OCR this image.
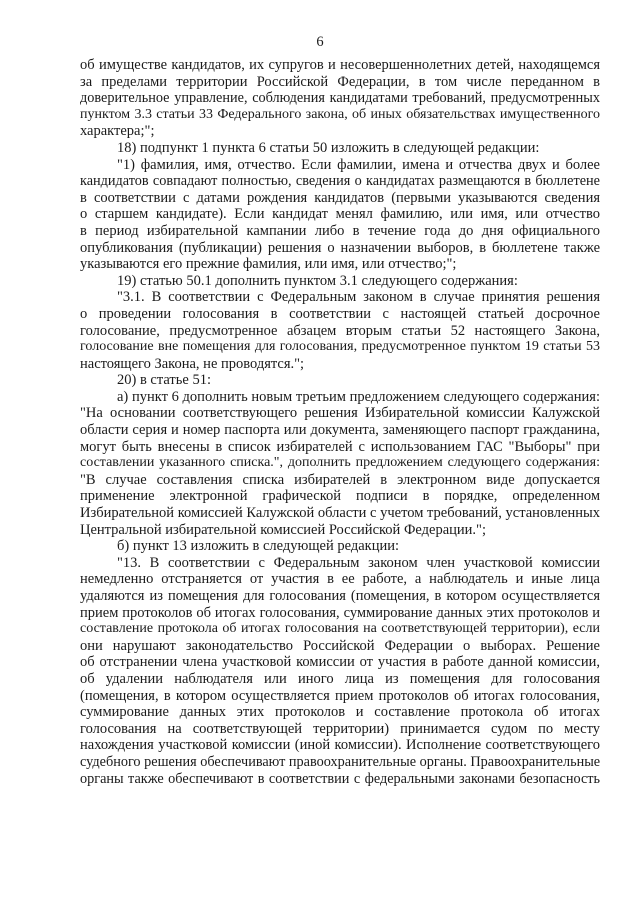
6
об имуществе кандидатов, их супругов и несовершеннолетних детей, находящемся
за пределами территории Российской Федерации, в том числе переданном в
доверительное управление, соблюдения кандидатами требований, предусмотренных
пунктом 3.3 статьи 33 Федерального закона, об иных обязательствах имущественного
характера;";
18) подпункт 1 пункта 6 статьи 50 изложить в следующей редакции:
"1) фамилия, имя, отчество. Если фамилии, имена и отчества двух и более
кандидатов совпадают полностью, сведения о кандидатах размещаются в бюллетене
в соответствии с датами рождения кандидатов (первыми указываются сведения
о старшем кандидате). Если кандидат менял фамилию, или имя, или отчество
в период избирательной кампании либо в течение года до дня официального
опубликования (публикации) решения о назначении выборов, в бюллетене также
указываются его прежние фамилия, или имя, или отчество;";
19) статью 50.1 дополнить пунктом 3.1 следующего содержания:
"3.1. В соответствии с Федеральным законом в случае принятия решения
о проведении голосования в соответствии с настоящей статьей досрочное
голосование, предусмотренное абзацем вторым статьи 52 настоящего Закона,
голосование вне помещения для голосования, предусмотренное пунктом 19 статьи 53
настоящего Закона, не проводятся.";
20) в статье 51:
а) пункт 6 дополнить новым третьим предложением следующего содержания:
"На основании соответствующего решения Избирательной комиссии Калужской
области серия и номер паспорта или документа, заменяющего паспорт гражданина,
могут быть внесены в список избирателей с использованием ГАС "Выборы" при
составлении указанного списка.", дополнить предложением следующего содержания:
"В случае составления списка избирателей в электронном виде допускается
применение электронной графической подписи в порядке, определенном
Избирательной комиссией Калужской области с учетом требований, установленных
Центральной избирательной комиссией Российской Федерации.";
б) пункт 13 изложить в следующей редакции:
"13. В соответствии с Федеральным законом член участковой комиссии
немедленно отстраняется от участия в ее работе, а наблюдатель и иные лица
удаляются из помещения для голосования (помещения, в котором осуществляется
прием протоколов об итогах голосования, суммирование данных этих протоколов и
составление протокола об итогах голосования на соответствующей территории), если
они нарушают законодательство Российской Федерации о выборах. Решение
об отстранении члена участковой комиссии от участия в работе данной комиссии,
об удалении наблюдателя или иного лица из помещения для голосования
(помещения, в котором осуществляется прием протоколов об итогах голосования,
суммирование данных этих протоколов и составление протокола об итогах
голосования на соответствующей территории) принимается судом по месту
нахождения участковой комиссии (иной комиссии). Исполнение соответствующего
судебного решения обеспечивают правоохранительные органы. Правоохранительные
органы также обеспечивают в соответствии с федеральными законами безопасность
